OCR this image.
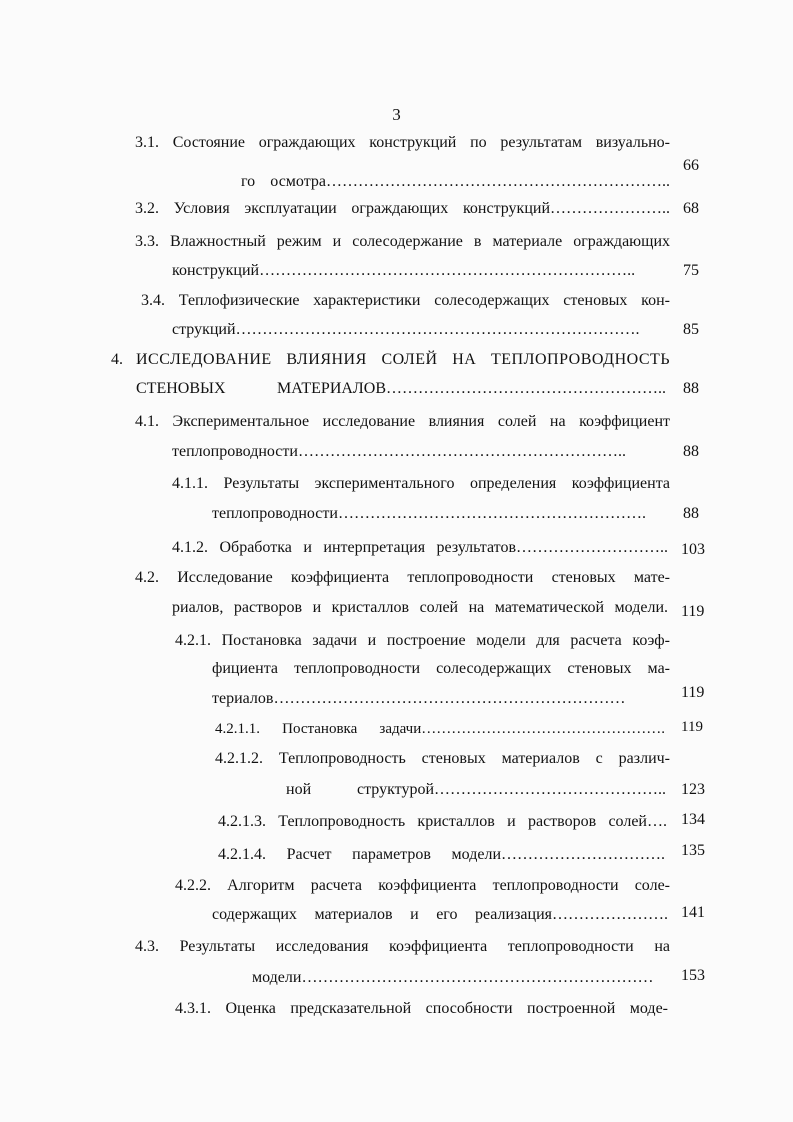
3
3.1. Состояние ограждающих конструкций по результатам визуально-
го осмотра………………………………………………………..
66
3.2. Условия эксплуатации ограждающих конструкций………………….. 68
3.3. Влажностный режим и солесодержание в материале ограждающих
конструкций……………………………………………………………..	75
3.4. Теплофизические характеристики солесодержащих стеновых кон-
струкций………………………………………………………………….	85
4. ИССЛЕДОВАНИЕ ВЛИЯНИЯ СОЛЕЙ НА ТЕПЛОПРОВОДНОСТЬ
СТЕНОВЫХ МАТЕРИАЛОВ…………………………………………….. 88
4.1. Экспериментальное исследование влияния солей на коэффициент
теплопроводности……………………………………………………..	88
4.1.1. Результаты экспериментального определения коэффициента
теплопроводности………………………………………………….	88
4.1.2. Обработка и интерпретация результатов……………………….. 103
4.2. Исследование коэффициента теплопроводности стеновых мате-
риалов, растворов и кристаллов солей на математической модели. 119
4.2.1. Постановка задачи и построение модели для расчета коэф-
фициента теплопроводности солесодержащих стеновых ма-
териалов…………………………………………………………	119
4.2.1.1. Постановка задачи…………………………………………. 119
4.2.1.2. Теплопроводность стеновых материалов с различ-
ной структурой…………………………………….. 123
4.2.1.3. Теплопроводность кристаллов и растворов солей…. 134
4.2.1.4. Расчет параметров модели…………………………. 135
4.2.2. Алгоритм расчета коэффициента теплопроводности соле-
содержащих материалов и его реализация…………………. 141
4.3. Результаты исследования коэффициента теплопроводности на
модели…………………………………………………………	153
4.3.1. Оценка предсказательной способности построенной моде-
